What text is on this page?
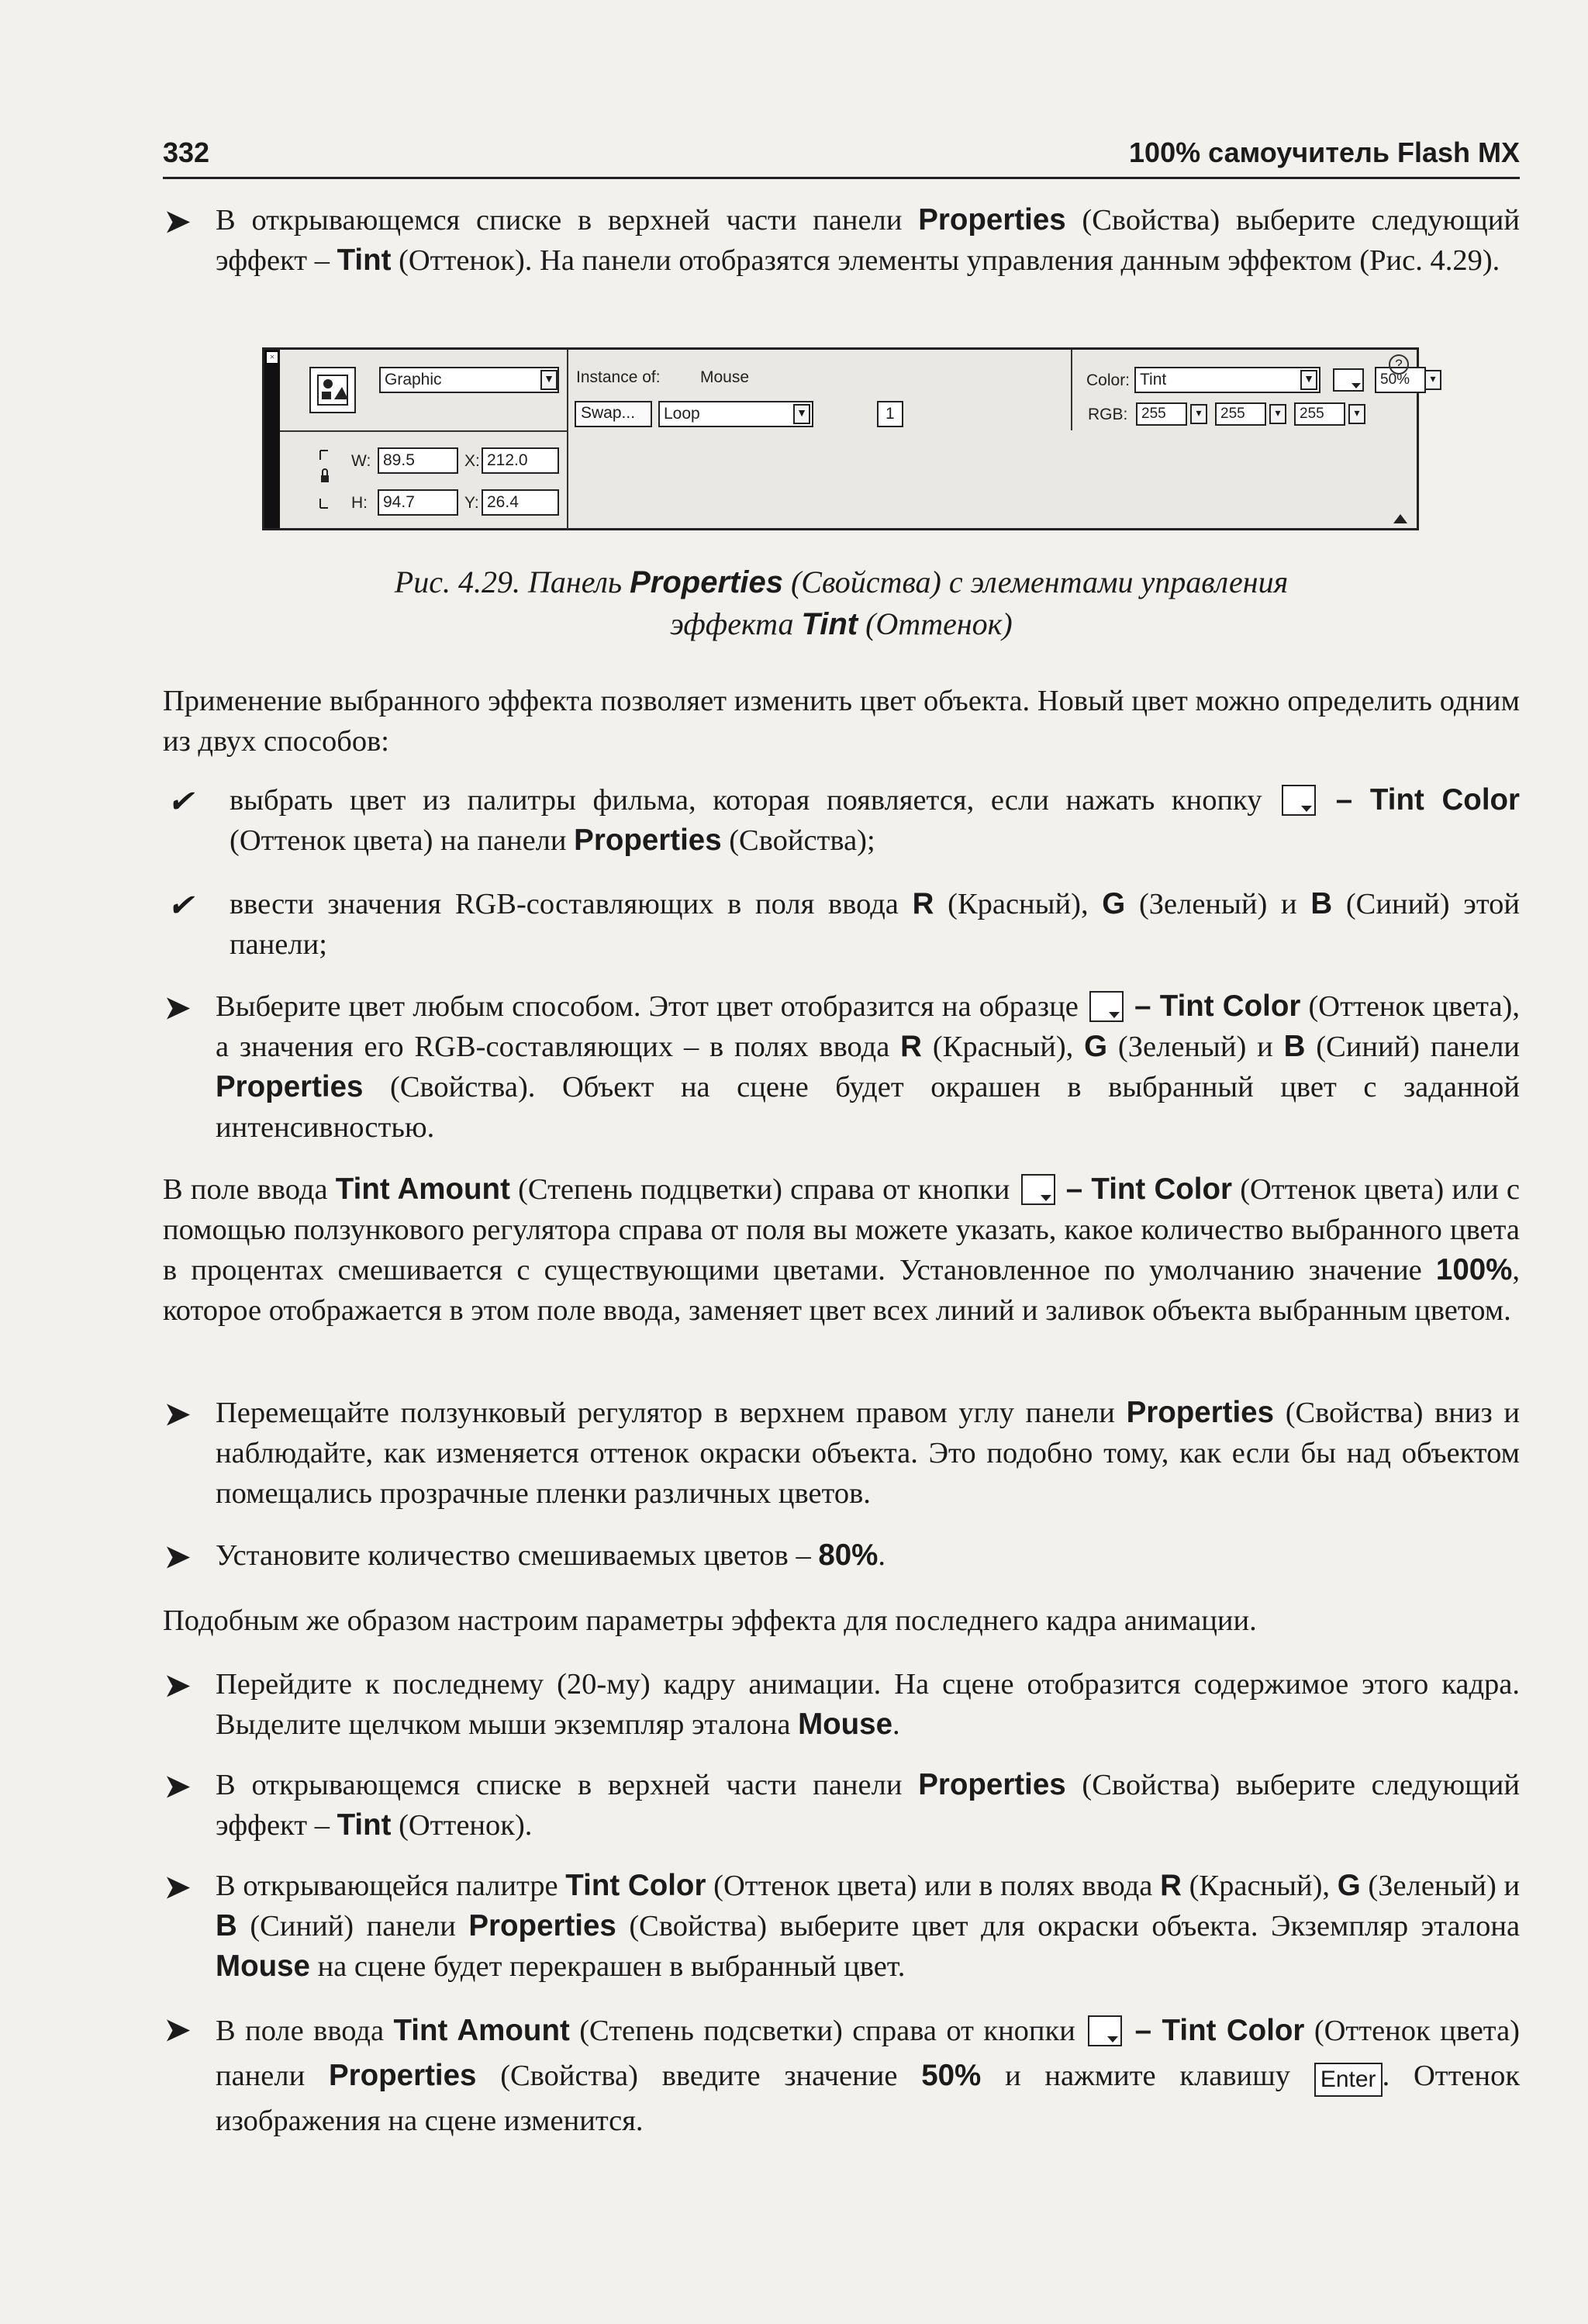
332	100% самоучитель Flash MX
➤ В открывающемся списке в верхней части панели Properties (Свойства) выберите следующий эффект – Tint (Оттенок). На панели отобразятся элементы управления данным эффектом (Рис. 4.29).
×
Graphic	▼ Instance of: Mouse
Swap...	Loop	▼	1
Color: Tint	▼	50%	▾
RGB: 255	▾	255	▾	255	▾
?
W: 89.5	X: 212.0
H: 94.7	Y: 26.4
Рис. 4.29. Панель Properties (Свойства) с элементами управления
эффекта Tint (Оттенок)
Применение выбранного эффекта позволяет изменить цвет объекта. Новый цвет можно определить одним из двух способов:
✔ выбрать цвет из палитры фильма, которая появляется, если нажать кнопку – Tint Color (Оттенок цвета) на панели Properties (Свойства);
✔ ввести значения RGB-составляющих в поля ввода R (Красный), G (Зеленый) и B (Синий) этой панели;
➤ Выберите цвет любым способом. Этот цвет отобразится на образце – Tint Color (Оттенок цвета), а значения его RGB-составляющих – в полях ввода R (Красный), G (Зеленый) и B (Синий) панели Properties (Свойства). Объект на сцене будет окрашен в выбранный цвет с заданной интенсивностью.
В поле ввода Tint Amount (Степень подцветки) справа от кнопки – Tint Color (Оттенок цвета) или с помощью ползункового регулятора справа от поля вы можете указать, какое количество выбранного цвета в процентах смешивается с существующими цветами. Установленное по умолчанию значение 100%, которое отображается в этом поле ввода, заменяет цвет всех линий и заливок объекта выбранным цветом.
➤ Перемещайте ползунковый регулятор в верхнем правом углу панели Properties (Свойства) вниз и наблюдайте, как изменяется оттенок окраски объекта. Это подобно тому, как если бы над объектом помещались прозрачные пленки различных цветов.
➤ Установите количество смешиваемых цветов – 80%.
Подобным же образом настроим параметры эффекта для последнего кадра анимации.
➤ Перейдите к последнему (20-му) кадру анимации. На сцене отобразится содержимое этого кадра. Выделите щелчком мыши экземпляр эталона Mouse.
➤ В открывающемся списке в верхней части панели Properties (Свойства) выберите следующий эффект – Tint (Оттенок).
➤ В открывающейся палитре Tint Color (Оттенок цвета) или в полях ввода R (Красный), G (Зеленый) и B (Синий) панели Properties (Свойства) выберите цвет для окраски объекта. Экземпляр эталона Mouse на сцене будет перекрашен в выбранный цвет.
➤ В поле ввода Tint Amount (Степень подсветки) справа от кнопки – Tint Color (Оттенок цвета) панели Properties (Свойства) введите значение 50% и нажмите клавишу Enter . Оттенок изображения на сцене изменится.
